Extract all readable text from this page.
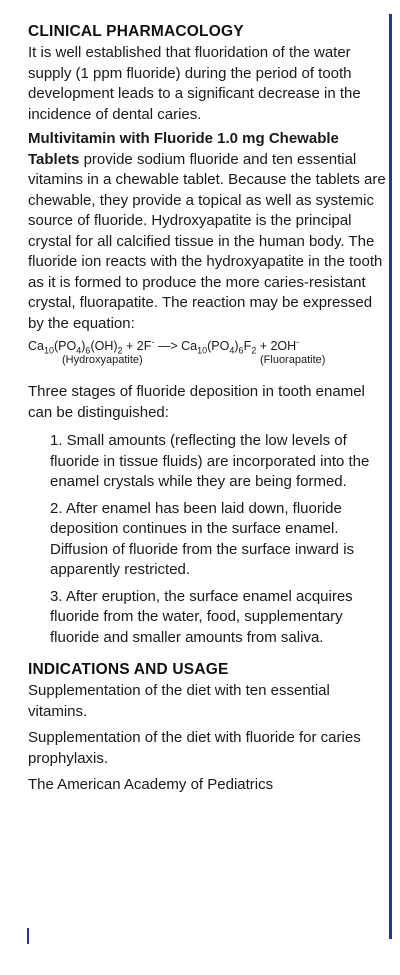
CLINICAL PHARMACOLOGY

It is well established that fluoridation of the water supply (1 ppm fluoride) during the period of tooth development leads to a significant decrease in the incidence of dental caries.

Multivitamin with Fluoride 1.0 mg Chewable Tablets provide sodium fluoride and ten essential vitamins in a chewable tablet. Because the tablets are chewable, they provide a topical as well as systemic source of fluoride. Hydroxyapatite is the principal crystal for all calcified tissue in the human body. The fluoride ion reacts with the hydroxyapatite in the tooth as it is formed to produce the more caries-resistant crystal, fluorapatite. The reaction may be expressed by the equation:

$Ca_{10}(PO_4)_6(OH)_2 + 2F^-$ —> $Ca_{10}(PO_4)_6F_2 + 2OH^-$
(Hydroxyapatite)	(Fluorapatite)

Three stages of fluoride deposition in tooth enamel can be distinguished:

1. Small amounts (reflecting the low levels of fluoride in tissue fluids) are incorporated into the enamel crystals while they are being formed.
2. After enamel has been laid down, fluoride deposition continues in the surface enamel. Diffusion of fluoride from the surface inward is apparently restricted.
3. After eruption, the surface enamel acquires fluoride from the water, food, supplementary fluoride and smaller amounts from saliva.
INDICATIONS AND USAGE

Supplementation of the diet with ten essential vitamins.

Supplementation of the diet with fluoride for caries prophylaxis.

The American Academy of Pediatrics
